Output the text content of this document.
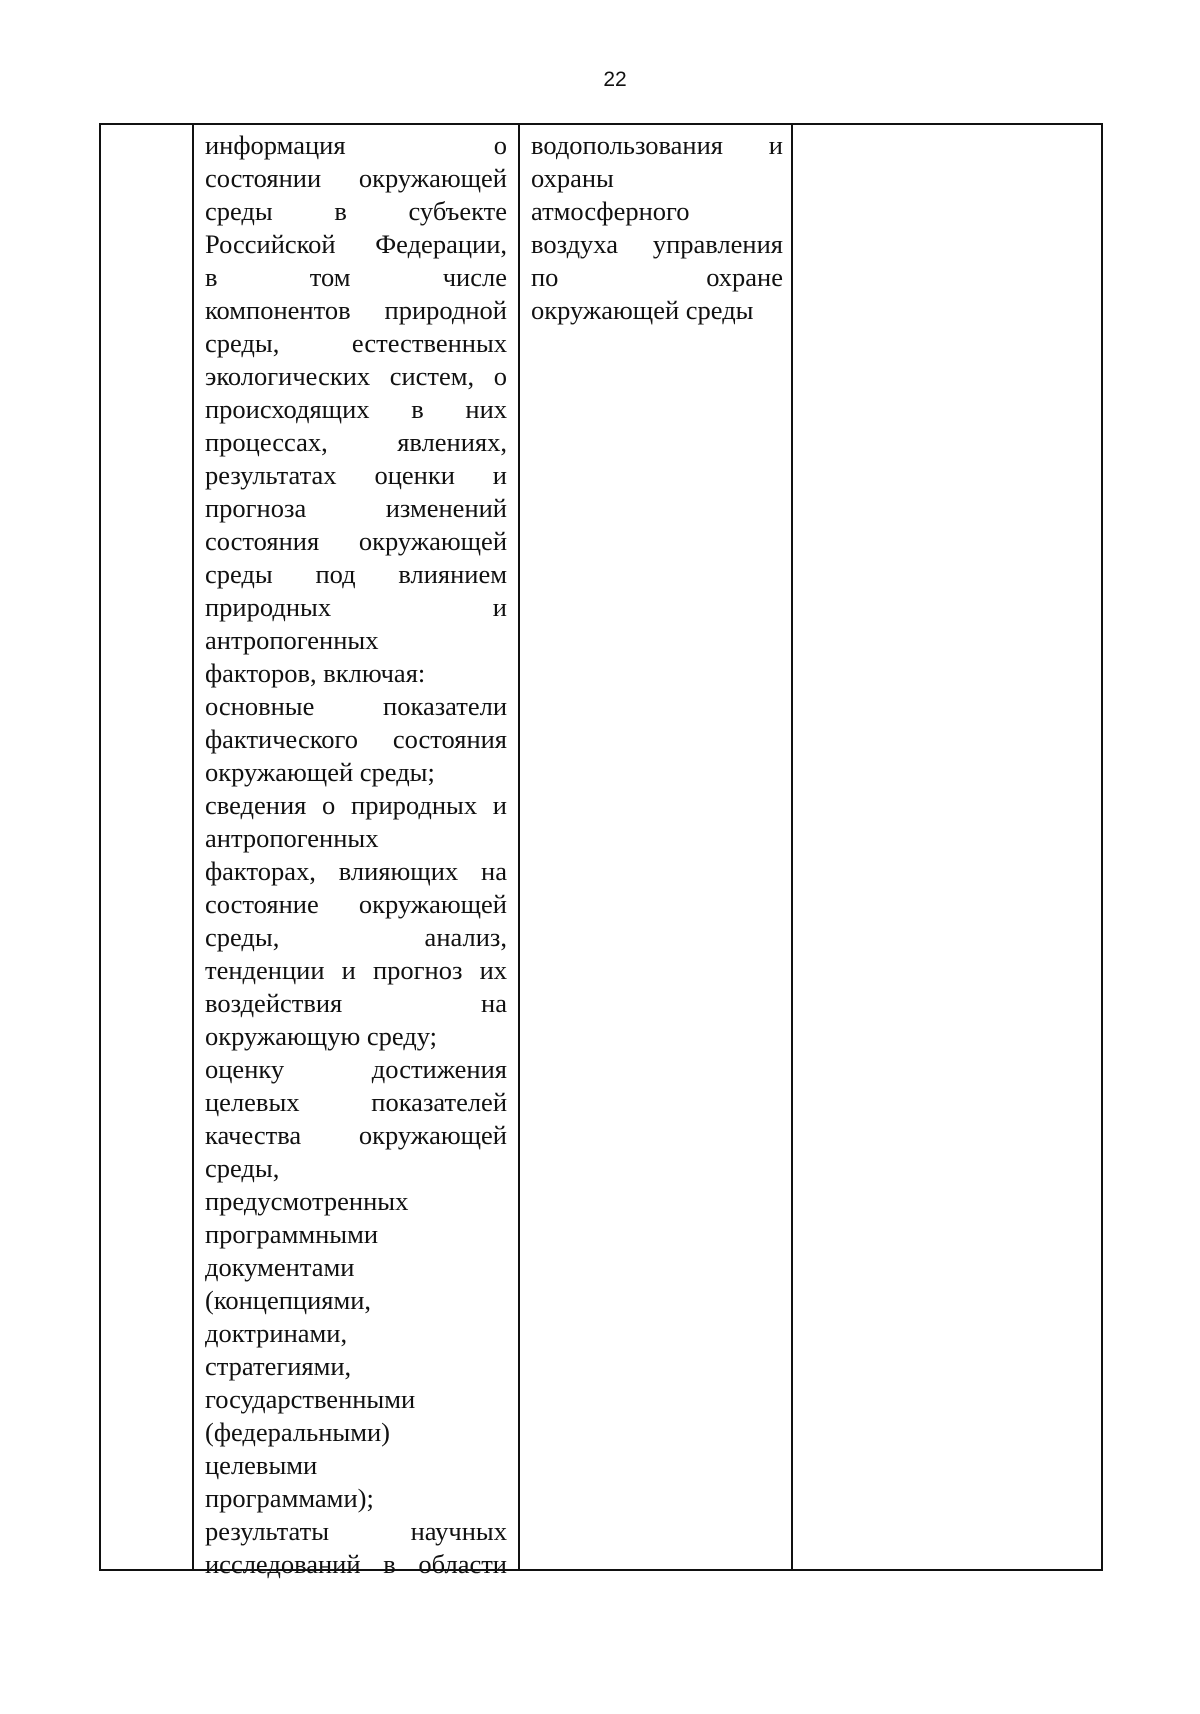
22
информация о
состоянии окружающей
среды в субъекте
Российской Федерации,
в том числе
компонентов природной
среды, естественных
экологических систем, о
происходящих в них
процессах, явлениях,
результатах оценки и
прогноза изменений
состояния окружающей
среды под влиянием
природных и
антропогенных
факторов, включая:
основные показатели
фактического состояния
окружающей среды;
сведения о природных и
антропогенных
факторах, влияющих на
состояние окружающей
среды, анализ,
тенденции и прогноз их
воздействия на
окружающую среду;
оценку достижения
целевых показателей
качества окружающей
среды,
предусмотренных
программными
документами
(концепциями,
доктринами,
стратегиями,
государственными
(федеральными)
целевыми
программами);
результаты научных
исследований в области
водопользования и
охраны
атмосферного
воздуха управления
по охране
окружающей среды
